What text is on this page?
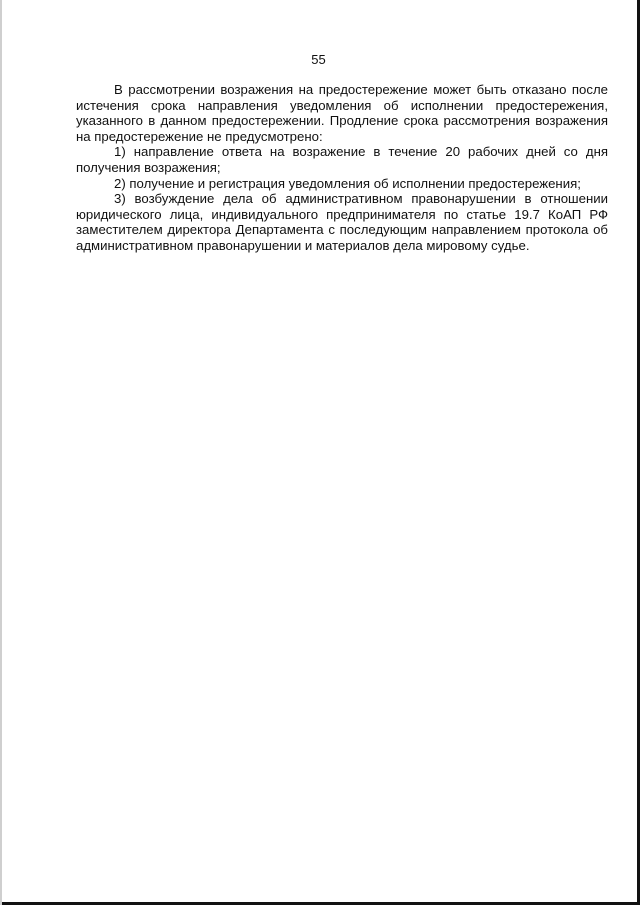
55

В рассмотрении возражения на предостережение может быть отказано после истечения срока направления уведомления об исполнении предостережения, указанного в данном предостережении. Продление срока рассмотрения возражения на предостережение не предусмотрено:

1) направление ответа на возражение в течение 20 рабочих дней со дня получения возражения;

2) получение и регистрация уведомления об исполнении предостережения;

3) возбуждение дела об административном правонарушении в отношении юридического лица, индивидуального предпринимателя по статье 19.7 КоАП РФ заместителем директора Департамента с последующим направлением протокола об административном правонарушении и материалов дела мировому судье.
